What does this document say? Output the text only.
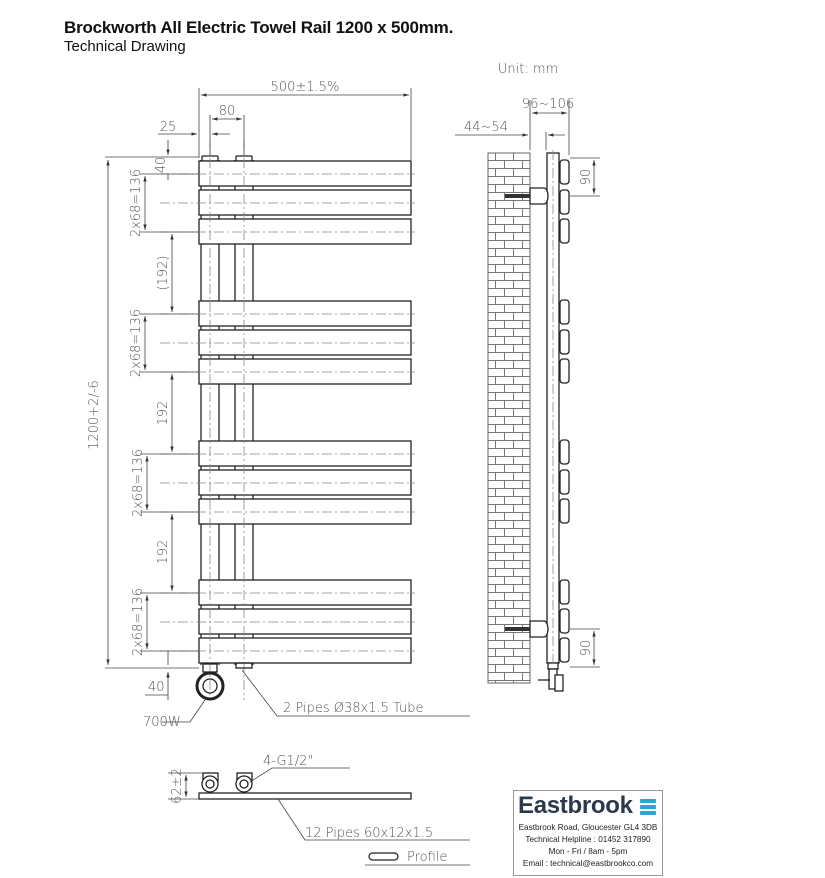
Brockworth All Electric Towel Rail 1200 x 500mm.
Technical Drawing
500±1.5%
80
25
40
1200+2/-6
2x68=136
2x68=136
2x68=136
2x68=136
(192)
192
192
40
700W
2 Pipes Ø38x1.5 Tube
Unit: mm
96~106
44~54
90
90
62±2
4-G1/2"
12 Pipes 60x12x1.5
Profile
Eastbrook
Eastbrook Road, Gloucester GL4 3DB
Technical Helpline : 01452 317890
Mon - Fri / 8am - 5pm
Email : technical@eastbrookco.com
